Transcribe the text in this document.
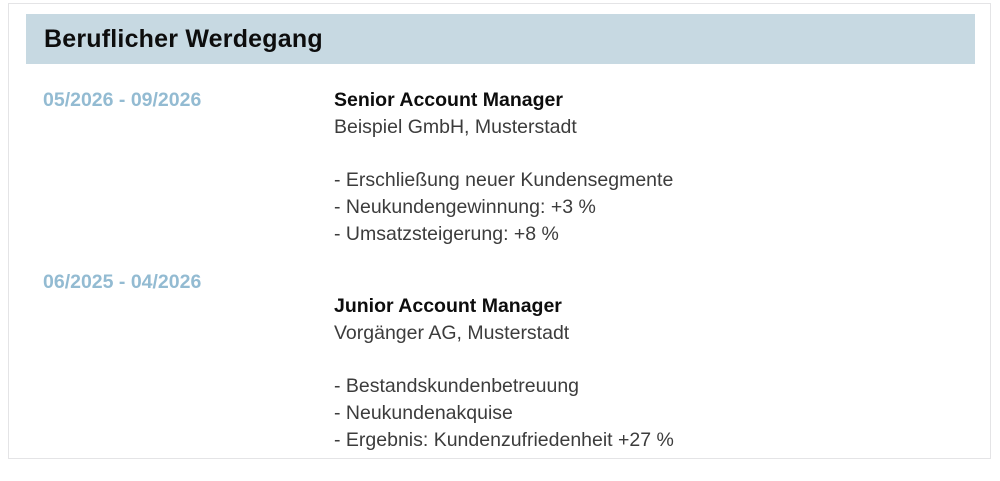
Beruflicher Werdegang
05/2026 - 09/2026	Senior Account Manager
Beispiel GmbH, Musterstadt
- Erschließung neuer Kundensegmente
- Neukundengewinnung: +3 %
- Umsatzsteigerung: +8 %
06/2025 - 04/2026
Junior Account Manager
Vorgänger AG, Musterstadt
- Bestandskundenbetreuung
- Neukundenakquise
- Ergebnis: Kundenzufriedenheit +27 %
